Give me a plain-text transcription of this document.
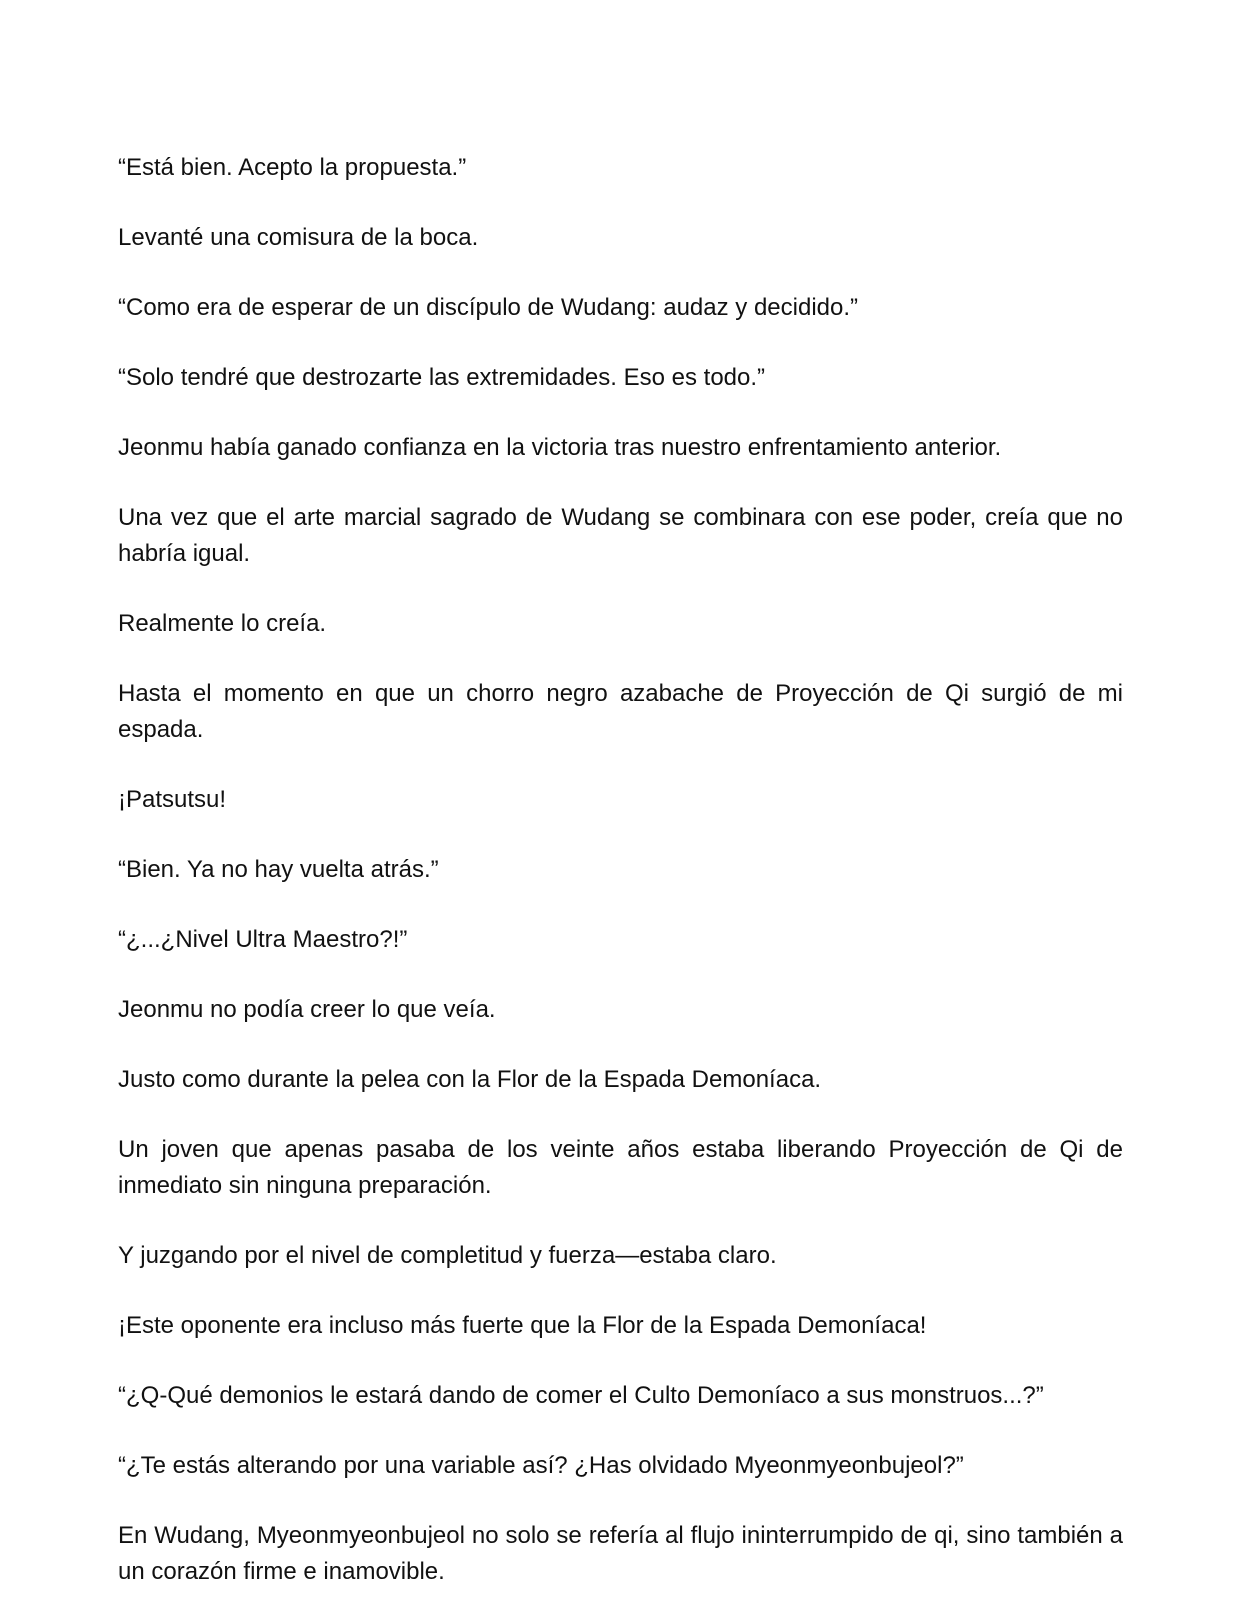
“Está bien. Acepto la propuesta.”

Levanté una comisura de la boca.

“Como era de esperar de un discípulo de Wudang: audaz y decidido.”

“Solo tendré que destrozarte las extremidades. Eso es todo.”

Jeonmu había ganado confianza en la victoria tras nuestro enfrentamiento anterior.

Una vez que el arte marcial sagrado de Wudang se combinara con ese poder, creía que no habría igual.

Realmente lo creía.

Hasta el momento en que un chorro negro azabache de Proyección de Qi surgió de mi espada.

¡Patsutsu!

“Bien. Ya no hay vuelta atrás.”

“¿...¿Nivel Ultra Maestro?!”

Jeonmu no podía creer lo que veía.

Justo como durante la pelea con la Flor de la Espada Demoníaca.

Un joven que apenas pasaba de los veinte años estaba liberando Proyección de Qi de inmediato sin ninguna preparación.

Y juzgando por el nivel de completitud y fuerza—estaba claro.

¡Este oponente era incluso más fuerte que la Flor de la Espada Demoníaca!

“¿Q-Qué demonios le estará dando de comer el Culto Demoníaco a sus monstruos...?”

“¿Te estás alterando por una variable así? ¿Has olvidado Myeonmyeonbujeol?”

En Wudang, Myeonmyeonbujeol no solo se refería al flujo ininterrumpido de qi, sino también a un corazón firme e inamovible.
